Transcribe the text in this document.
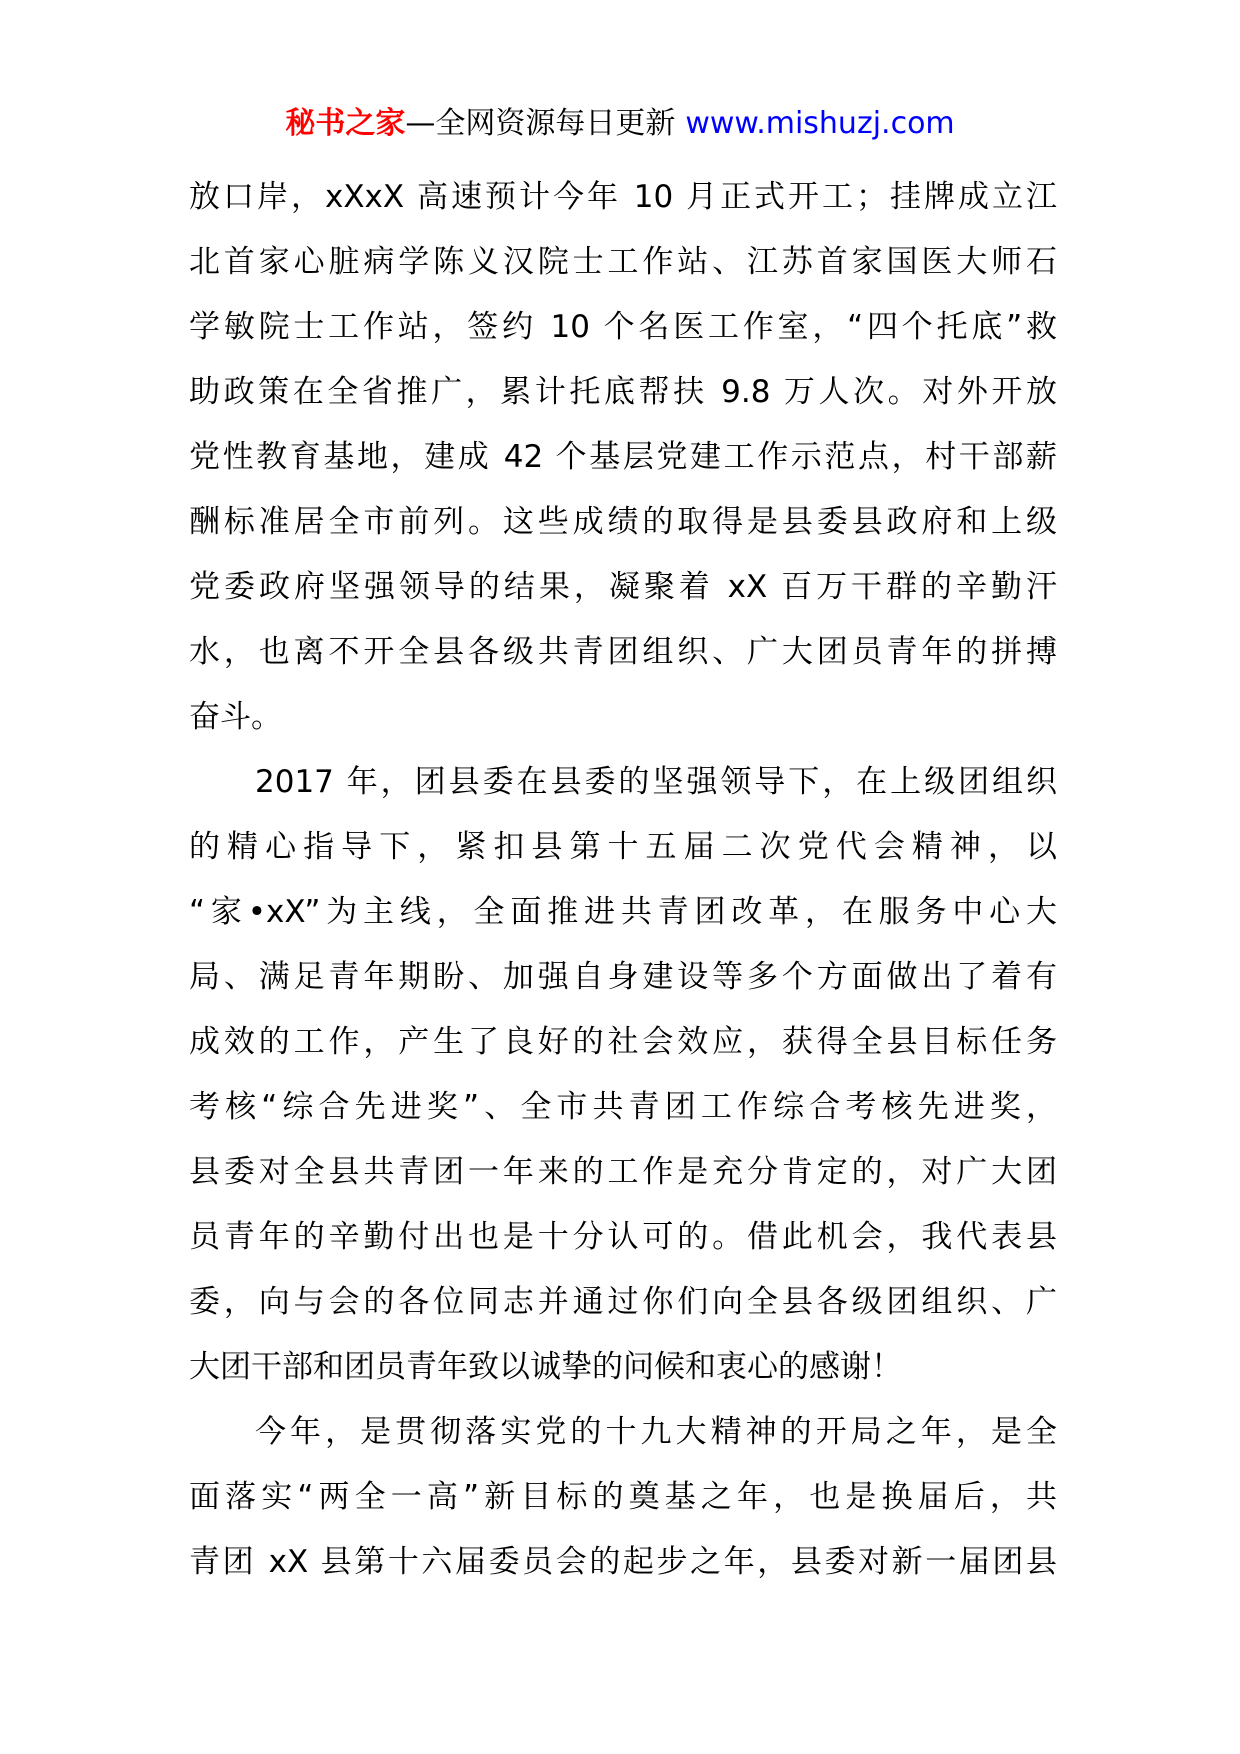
秘书之家—全网资源每日更新 www.mishuzj.com
放口岸，xXxX 高速预计今年 10 月正式开工；挂牌成立江
北首家心脏病学陈义汉院士工作站、江苏首家国医大师石
学敏院士工作站，签约 10 个名医工作室，“四个托底”救
助政策在全省推广，累计托底帮扶 9.8 万人次。对外开放
党性教育基地，建成 42 个基层党建工作示范点，村干部薪
酬标准居全市前列。这些成绩的取得是县委县政府和上级
党委政府坚强领导的结果，凝聚着 xX 百万干群的辛勤汗
水，也离不开全县各级共青团组织、广大团员青年的拼搏
奋斗。
2017 年，团县委在县委的坚强领导下，在上级团组织
的精心指导下，紧扣县第十五届二次党代会精神，以
“家•xX”为主线，全面推进共青团改革，在服务中心大
局、满足青年期盼、加强自身建设等多个方面做出了着有
成效的工作，产生了良好的社会效应，获得全县目标任务
考核“综合先进奖”、全市共青团工作综合考核先进奖，
县委对全县共青团一年来的工作是充分肯定的，对广大团
员青年的辛勤付出也是十分认可的。借此机会，我代表县
委，向与会的各位同志并通过你们向全县各级团组织、广
大团干部和团员青年致以诚挚的问候和衷心的感谢！
今年，是贯彻落实党的十九大精神的开局之年，是全
面落实“两全一高”新目标的奠基之年，也是换届后，共
青团 xX 县第十六届委员会的起步之年，县委对新一届团县
